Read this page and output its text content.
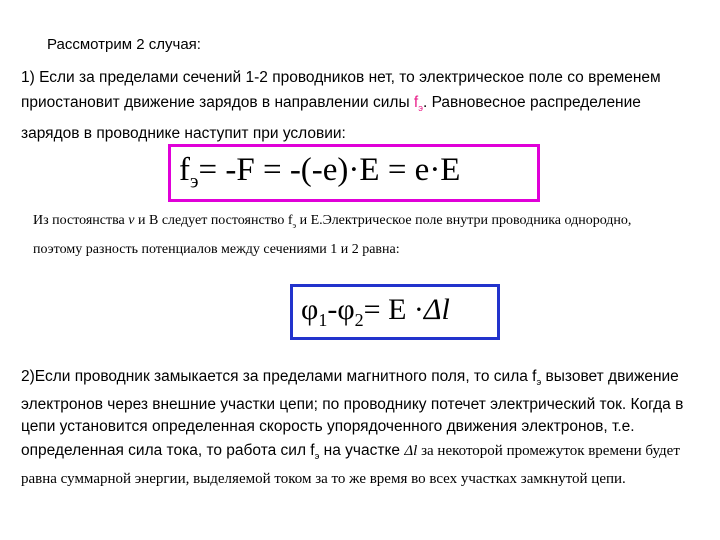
Рассмотрим 2 случая:
1) Если за пределами сечений 1-2 проводников нет, то электрическое поле со временем приостановит движение зарядов в направлении силы $f_э$. Равновесное распределение зарядов в проводнике наступит при условии:
$f_э= -F = -(-e)\cdot E = e\cdot E$
Из постоянства v и В следует постоянство $f_э$ и Е.Электрическое поле внутри проводника однородно, поэтому разность потенциалов между сечениями 1 и 2 равна:
$\varphi_1-\varphi_2= E \cdot\Delta l$
2)Если проводник замыкается за пределами магнитного поля, то сила $f_э$ вызовет движение электронов через внешние участки цепи; по проводнику потечет электрический ток. Когда в цепи установится определенная скорость упорядоченного движения электронов, т.е. определенная сила тока, то работа сил $f_э$ на участке Δl за некоторой промежуток времени будет равна суммарной энергии, выделяемой током за то же время во всех участках замкнутой цепи.
